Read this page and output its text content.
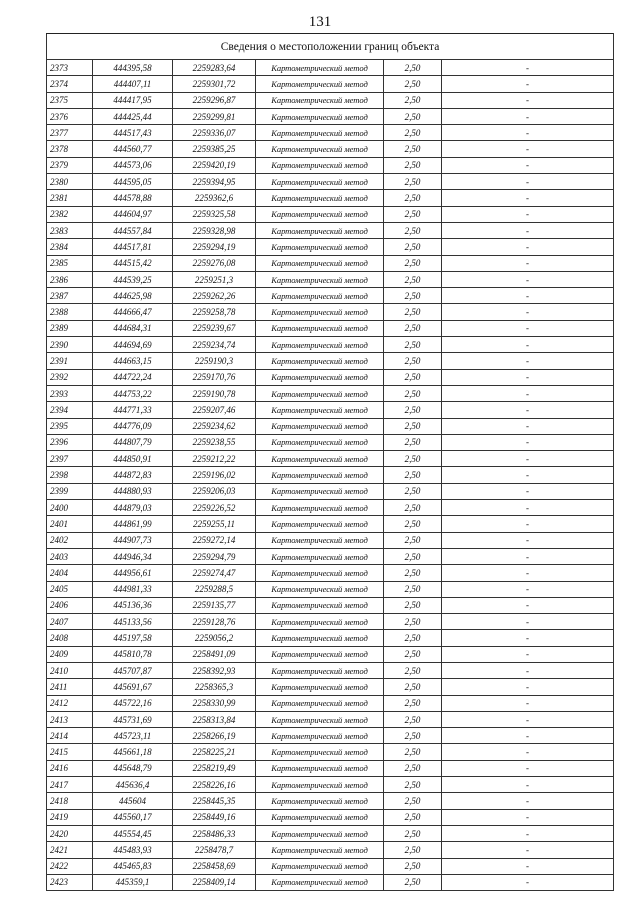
131
Сведения о местоположении границ объекта					
2373	444395,58	2259283,64	Картометрический метод	2,50	-
2374	444407,11	2259301,72	Картометрический метод	2,50	-
2375	444417,95	2259296,87	Картометрический метод	2,50	-
2376	444425,44	2259299,81	Картометрический метод	2,50	-
2377	444517,43	2259336,07	Картометрический метод	2,50	-
2378	444560,77	2259385,25	Картометрический метод	2,50	-
2379	444573,06	2259420,19	Картометрический метод	2,50	-
2380	444595,05	2259394,95	Картометрический метод	2,50	-
2381	444578,88	2259362,6	Картометрический метод	2,50	-
2382	444604,97	2259325,58	Картометрический метод	2,50	-
2383	444557,84	2259328,98	Картометрический метод	2,50	-
2384	444517,81	2259294,19	Картометрический метод	2,50	-
2385	444515,42	2259276,08	Картометрический метод	2,50	-
2386	444539,25	2259251,3	Картометрический метод	2,50	-
2387	444625,98	2259262,26	Картометрический метод	2,50	-
2388	444666,47	2259258,78	Картометрический метод	2,50	-
2389	444684,31	2259239,67	Картометрический метод	2,50	-
2390	444694,69	2259234,74	Картометрический метод	2,50	-
2391	444663,15	2259190,3	Картометрический метод	2,50	-
2392	444722,24	2259170,76	Картометрический метод	2,50	-
2393	444753,22	2259190,78	Картометрический метод	2,50	-
2394	444771,33	2259207,46	Картометрический метод	2,50	-
2395	444776,09	2259234,62	Картометрический метод	2,50	-
2396	444807,79	2259238,55	Картометрический метод	2,50	-
2397	444850,91	2259212,22	Картометрический метод	2,50	-
2398	444872,83	2259196,02	Картометрический метод	2,50	-
2399	444880,93	2259206,03	Картометрический метод	2,50	-
2400	444879,03	2259226,52	Картометрический метод	2,50	-
2401	444861,99	2259255,11	Картометрический метод	2,50	-
2402	444907,73	2259272,14	Картометрический метод	2,50	-
2403	444946,34	2259294,79	Картометрический метод	2,50	-
2404	444956,61	2259274,47	Картометрический метод	2,50	-
2405	444981,33	2259288,5	Картометрический метод	2,50	-
2406	445136,36	2259135,77	Картометрический метод	2,50	-
2407	445133,56	2259128,76	Картометрический метод	2,50	-
2408	445197,58	2259056,2	Картометрический метод	2,50	-
2409	445810,78	2258491,09	Картометрический метод	2,50	-
2410	445707,87	2258392,93	Картометрический метод	2,50	-
2411	445691,67	2258365,3	Картометрический метод	2,50	-
2412	445722,16	2258330,99	Картометрический метод	2,50	-
2413	445731,69	2258313,84	Картометрический метод	2,50	-
2414	445723,11	2258266,19	Картометрический метод	2,50	-
2415	445661,18	2258225,21	Картометрический метод	2,50	-
2416	445648,79	2258219,49	Картометрический метод	2,50	-
2417	445636,4	2258226,16	Картометрический метод	2,50	-
2418	445604	2258445,35	Картометрический метод	2,50	-
2419	445560,17	2258449,16	Картометрический метод	2,50	-
2420	445554,45	2258486,33	Картометрический метод	2,50	-
2421	445483,93	2258478,7	Картометрический метод	2,50	-
2422	445465,83	2258458,69	Картометрический метод	2,50	-
2423	445359,1	2258409,14	Картометрический метод	2,50	-
